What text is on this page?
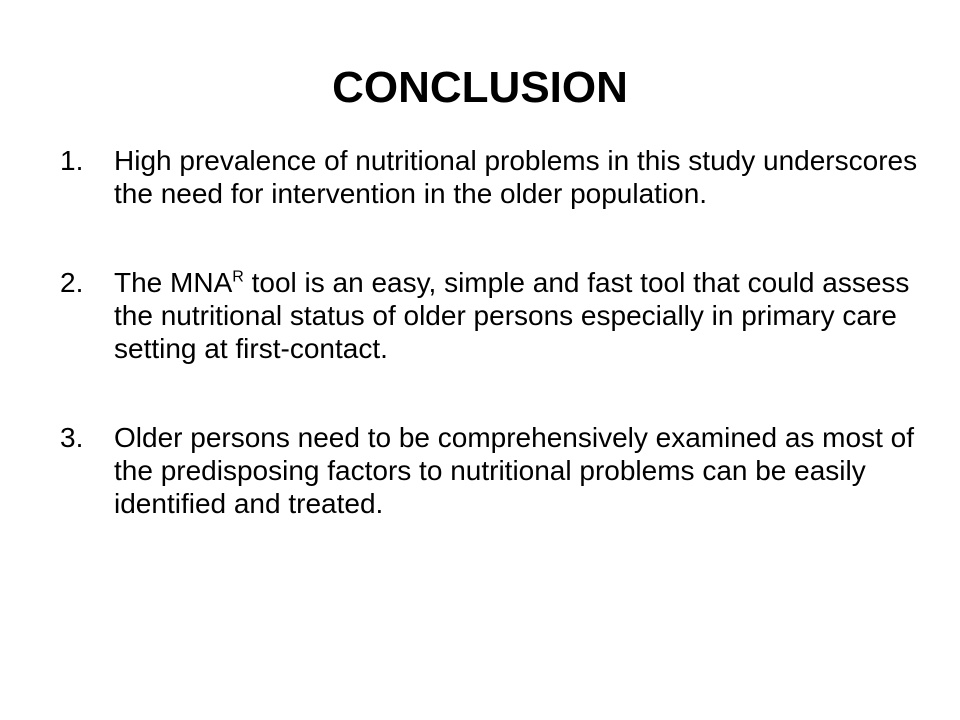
CONCLUSION
1.	High prevalence of nutritional problems in this study underscores the need for intervention in the older population.
2.	The $MNA^R$ tool is an easy, simple and fast tool that could assess the nutritional status of older persons especially in primary care setting at first-contact.
3.	Older persons need to be comprehensively examined as most of the predisposing factors to nutritional problems can be easily identified and treated.
